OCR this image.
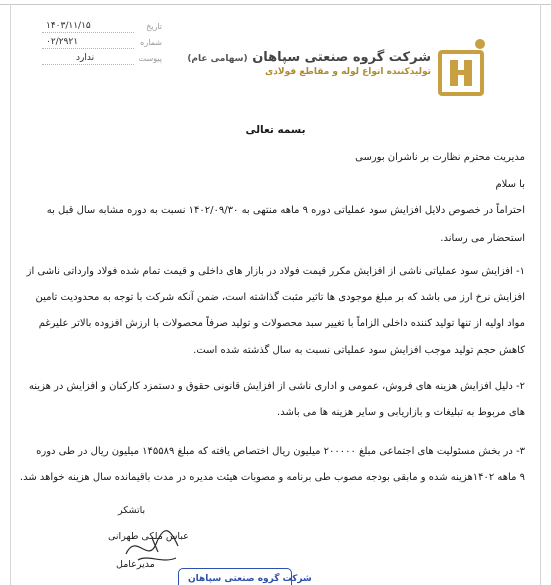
۱۴۰۳/۱۱/۱۵	تاریخ
۰۲/۲۹۲۱	شماره
ندارد	پیوست	شرکت گروه صنعتی سپاهان (سهامی عام)
تولیدکننده انواع لوله و مقاطع فولادی
بسمه تعالی
مدیریت محترم نظارت بر ناشران بورسی
با سلام
احتراماً در خصوص دلایل افزایش سود عملیاتی دوره ۹ ماهه منتهی به ۱۴۰۲/۰۹/۳۰ نسبت به دوره مشابه سال قبل به
استحضار می رساند.
۱- افزایش سود عملیاتی ناشی از افزایش مکرر قیمت فولاد در بازار های داخلی و قیمت تمام شده فولاد وارداتی ناشی از
افزایش نرخ ارز می باشد که بر مبلغ موجودی ها تاثیر مثبت گذاشته است، ضمن آنکه شرکت با توجه به محدودیت تامین
مواد اولیه از تنها تولید کننده داخلی الزاماً با تغییر سبد محصولات و تولید صرفاً محصولات با ارزش افزوده بالاتر علیرغم
کاهش حجم تولید موجب افزایش سود عملیاتی نسبت به سال گذشته شده است.
۲- دلیل افزایش هزینه های فروش، عمومی و اداری ناشی از افزایش قانونی حقوق و دستمزد کارکنان و افزایش در هزینه
های مربوط به تبلیغات و بازاریابی و سایر هزینه ها می باشد.
۳- در بخش مسئولیت های اجتماعی مبلغ ۲۰۰۰۰۰ میلیون ریال اختصاص یافته که مبلغ ۱۴۵۵۸۹ میلیون ریال در طی دوره
۹ ماهه ۱۴۰۲هزینه شده و مابقی بودجه مصوب طی برنامه و مصوبات هیئت مدیره در مدت باقیمانده سال هزینه خواهد شد.
باتشکر
عباس ملکی طهرانی
مدیرعامل
شرکت گروه صنعتی سپاهان
